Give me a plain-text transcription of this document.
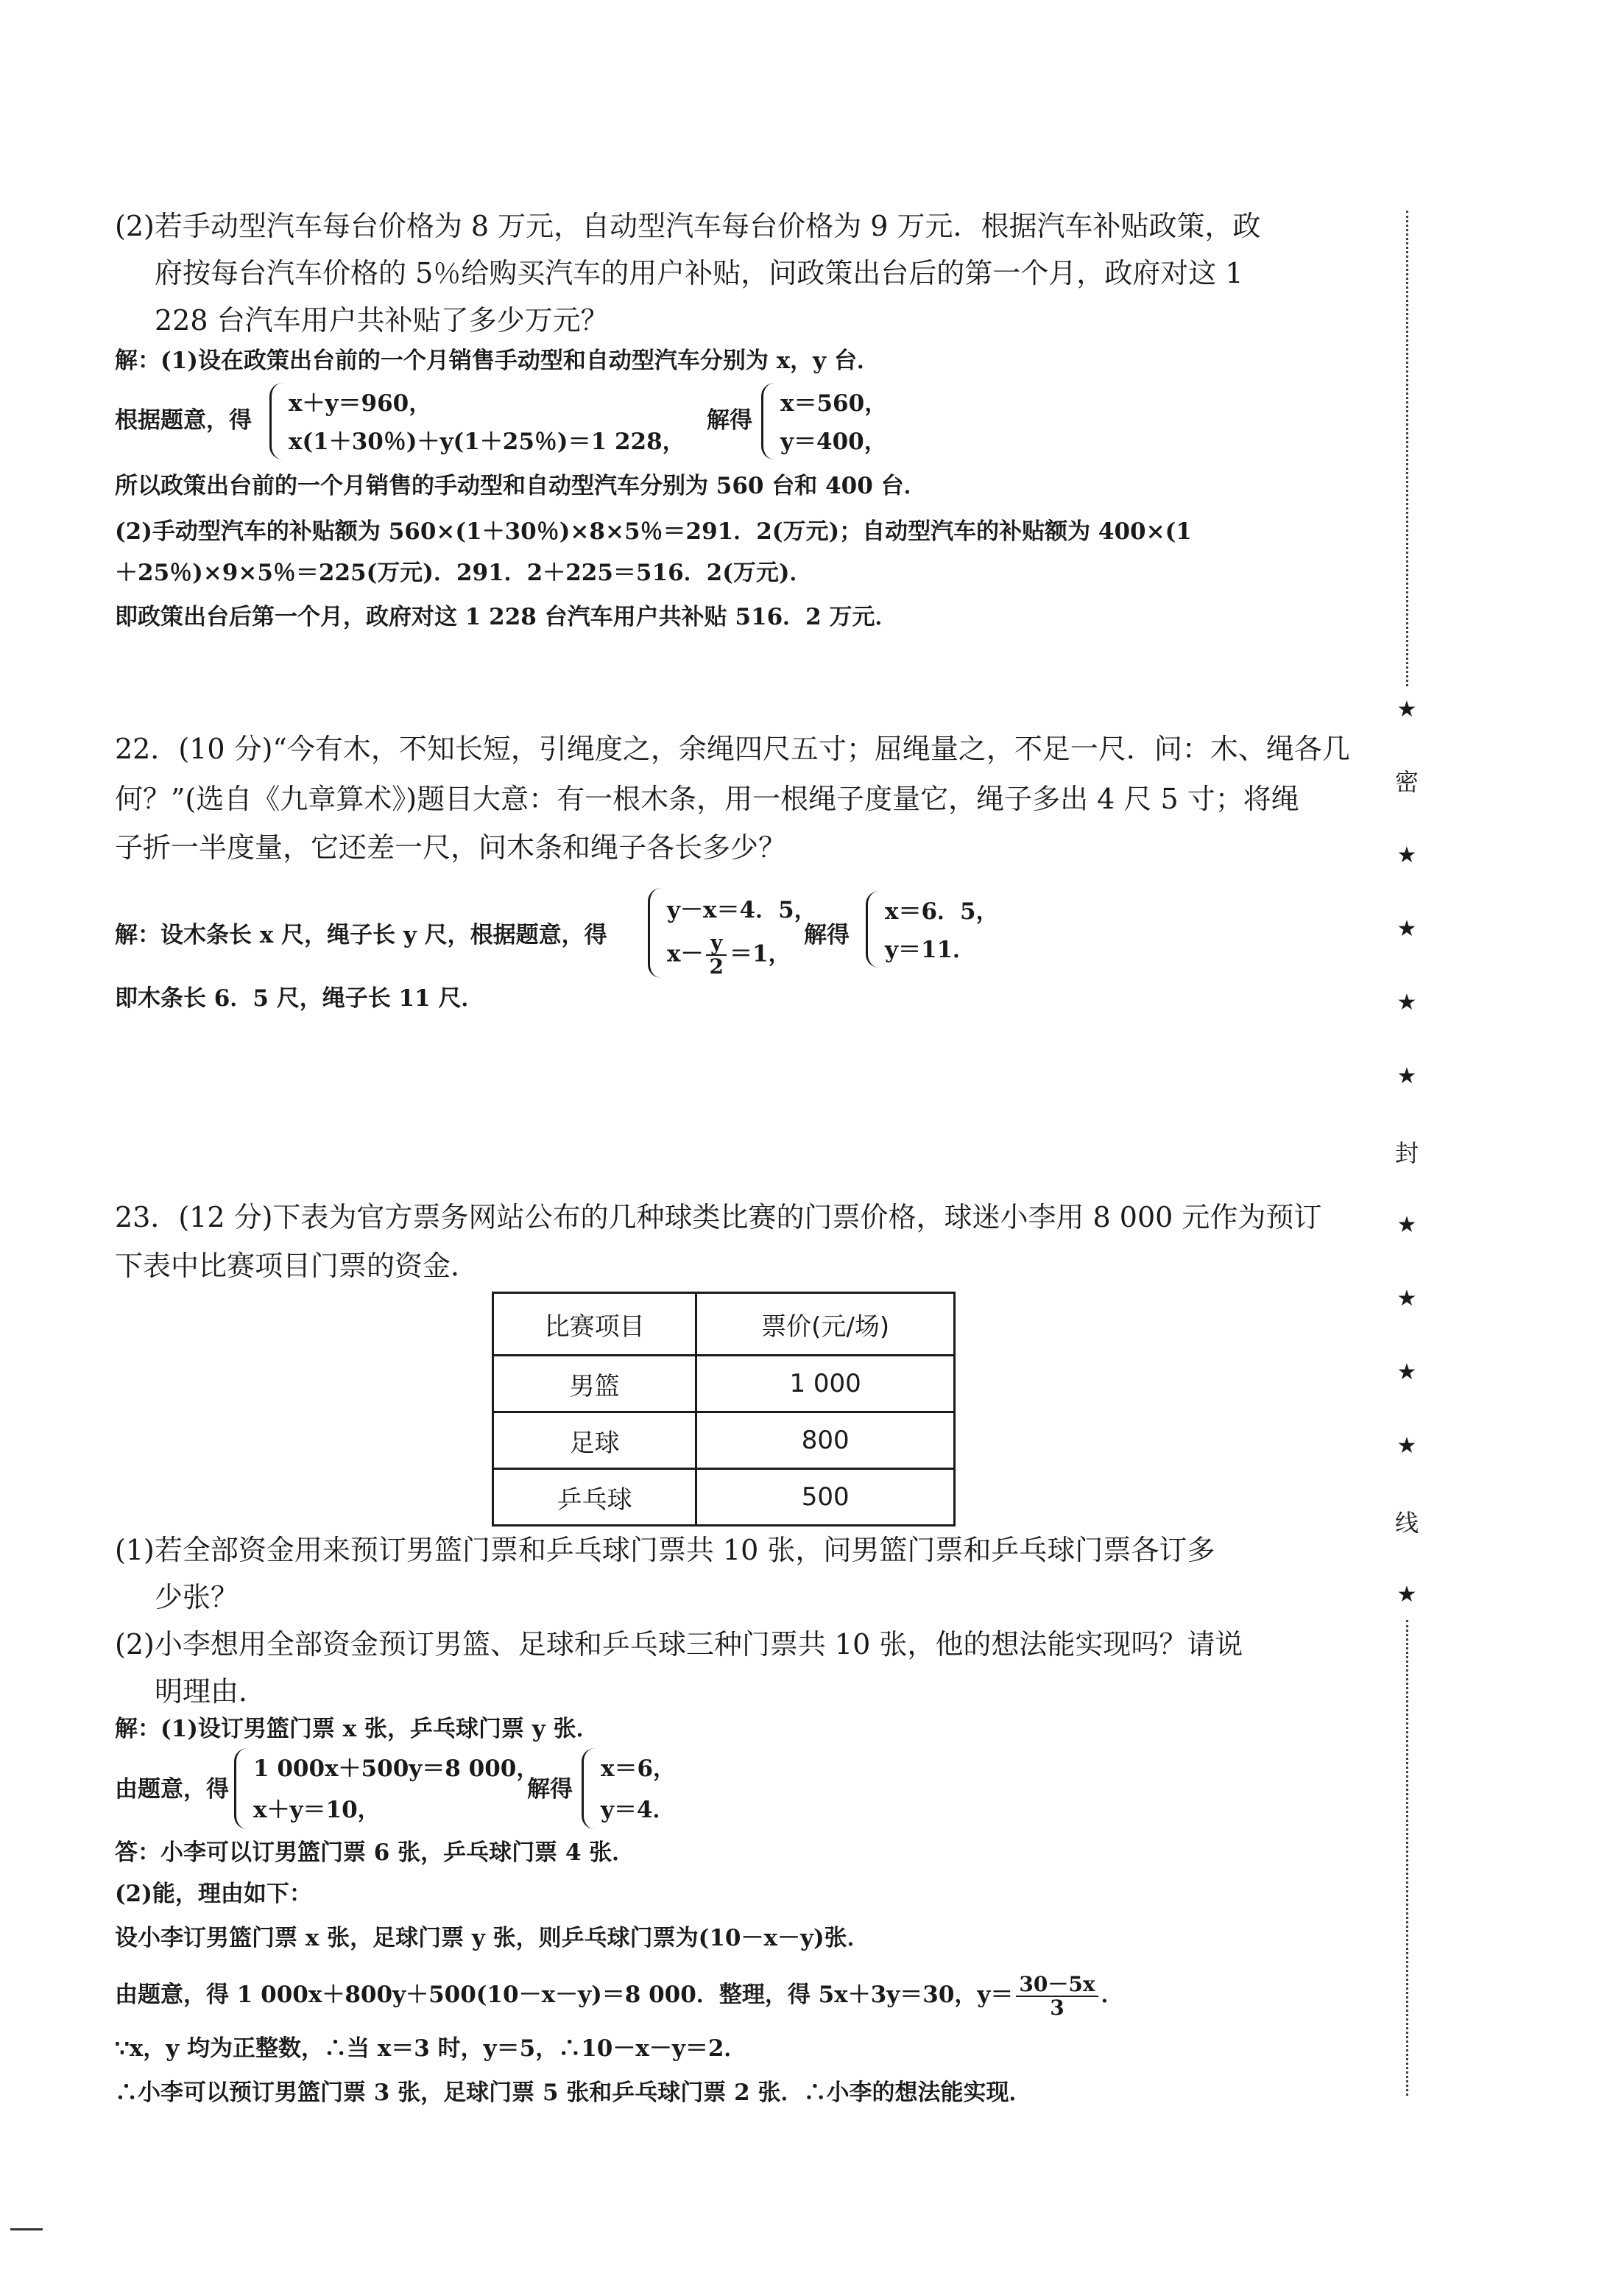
(2)若手动型汽车每台价格为 8 万元，自动型汽车每台价格为 9 万元．根据汽车补贴政策，政
府按每台汽车价格的 5％给购买汽车的用户补贴，问政策出台后的第一个月，政府对这 1
228 台汽车用户共补贴了多少万元？
解：(1)设在政策出台前的一个月销售手动型和自动型汽车分别为 x，y 台．
根据题意，得
x＋y＝960，
x(1＋30％)＋y(1＋25％)＝1 228，
解得
x＝560，
y＝400，
所以政策出台前的一个月销售的手动型和自动型汽车分别为 560 台和 400 台．
(2)手动型汽车的补贴额为 560×(1＋30％)×8×5％＝291．2(万元)；自动型汽车的补贴额为 400×(1
＋25％)×9×5％＝225(万元)．291．2＋225＝516．2(万元)．
即政策出台后第一个月，政府对这 1 228 台汽车用户共补贴 516．2 万元．
22．(10 分)“今有木，不知长短，引绳度之，余绳四尺五寸；屈绳量之，不足一尺．问：木、绳各几
何？”(选自《九章算术》)题目大意：有一根木条，用一根绳子度量它，绳子多出 4 尺 5 寸；将绳
子折一半度量，它还差一尺，问木条和绳子各长多少？
解：设木条长 x 尺，绳子长 y 尺，根据题意，得
y－x＝4．5，
$x- \frac{y}{2} =1$，
解得
x＝6．5，
y＝11．
即木条长 6．5 尺，绳子长 11 尺．
23．(12 分)下表为官方票务网站公布的几种球类比赛的门票价格，球迷小李用 8 000 元作为预订
下表中比赛项目门票的资金．
比赛项目	票价(元/场)
男篮	1 000
足球	800
乒乓球	500
(1)若全部资金用来预订男篮门票和乒乓球门票共 10 张，问男篮门票和乒乓球门票各订多
少张？
(2)小李想用全部资金预订男篮、足球和乒乓球三种门票共 10 张，他的想法能实现吗？请说
明理由．
解：(1)设订男篮门票 x 张，乒乓球门票 y 张．
由题意，得
1 000x＋500y＝8 000，
x＋y＝10，
解得
x＝6，
y＝4．
答：小李可以订男篮门票 6 张，乒乓球门票 4 张．
(2)能，理由如下：
设小李订男篮门票 x 张，足球门票 y 张，则乒乓球门票为(10－x－y)张．
由题意，得 1 000x＋800y＋500(10－x－y)＝8 000．整理，得 5x＋3y＝30，$y= \frac{30-5x}{3}$ ．
∵x，y 均为正整数，∴当 x＝3 时，y＝5，∴10－x－y＝2．
∴小李可以预订男篮门票 3 张，足球门票 5 张和乒乓球门票 2 张．∴小李的想法能实现．
★
密
★
★
★
★
封
★
★
★
★
线
★
